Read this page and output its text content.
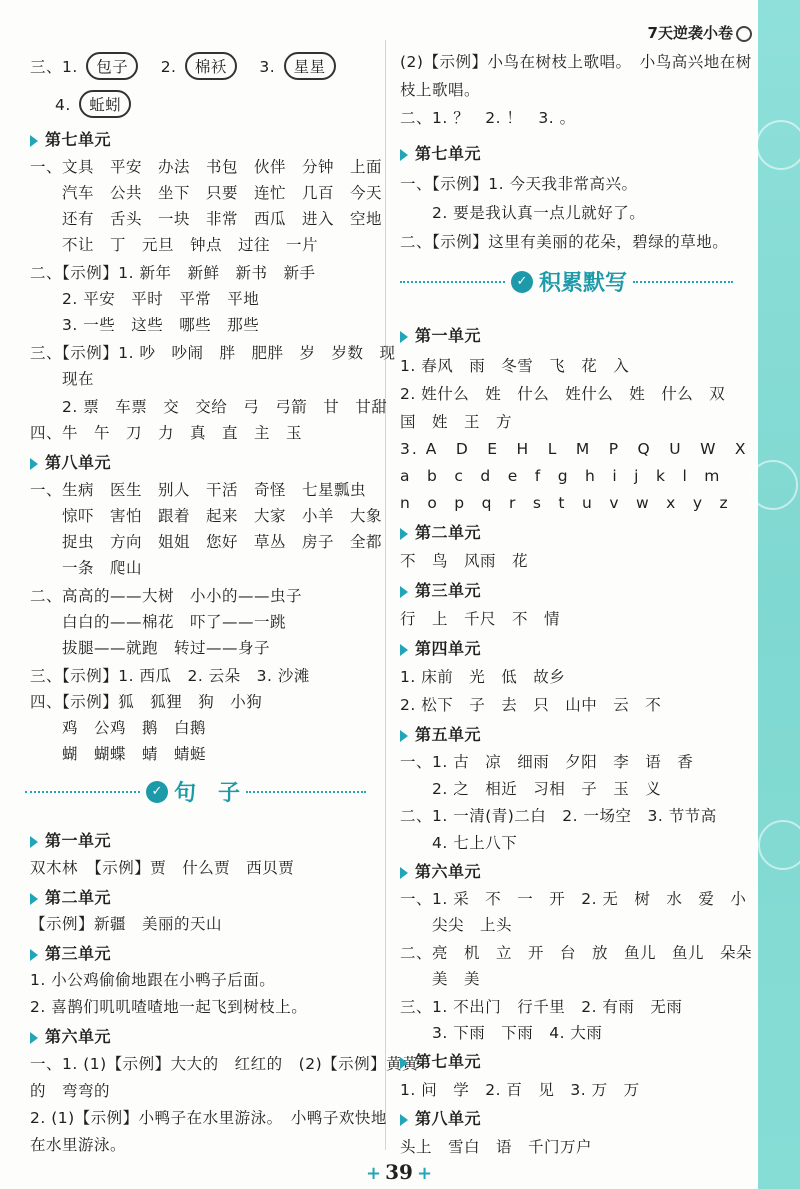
7天逆袭小卷
三、1. 包子 2. 棉袄 3. 星星
4. 蚯蚓
第七单元
一、文具　平安　办法　书包　伙伴　分钟　上面
　　汽车　公共　坐下　只要　连忙　几百　今天
　　还有　舌头　一块　非常　西瓜　进入　空地
　　不让　丁　元旦　钟点　过往　一片
二、【示例】1. 新年　新鲜　新书　新手
　　2. 平安　平时　平常　平地
　　3. 一些　这些　哪些　那些
三、【示例】1. 吵　吵闹　胖　肥胖　岁　岁数　现
　　现在
　　2. 票　车票　交　交给　弓　弓箭　甘　甘甜
四、牛　午　刀　力　真　直　主　玉
第八单元
一、生病　医生　别人　干活　奇怪　七星瓢虫
　　惊吓　害怕　跟着　起来　大家　小羊　大象
　　捉虫　方向　姐姐　您好　草丛　房子　全都
　　一条　爬山
二、高高的——大树　小小的——虫子
　　白白的——棉花　吓了——一跳
　　拔腿——就跑　转过——身子
三、【示例】1. 西瓜　2. 云朵　3. 沙滩
四、【示例】狐　狐狸　狗　小狗
　　鸡　公鸡　鹅　白鹅
　　蝴　蝴蝶　蜻　蜻蜓
✓ 句　子
第一单元
双木林　【示例】贾　什么贾　西贝贾
第二单元
【示例】新疆　美丽的天山
第三单元
1. 小公鸡偷偷地跟在小鸭子后面。
2. 喜鹊们叽叽喳喳地一起飞到树枝上。
第六单元
一、1. (1)【示例】大大的　红红的　(2)【示例】黄黄
的　弯弯的
2. (1)【示例】小鸭子在水里游泳。　小鸭子欢快地
在水里游泳。
(2)【示例】小鸟在树枝上歌唱。　小鸟高兴地在树
枝上歌唱。
二、1. ？　2. ！　3. 。
第七单元
一、【示例】1. 今天我非常高兴。
　　2. 要是我认真一点儿就好了。
二、【示例】这里有美丽的花朵，碧绿的草地。
✓ 积累默写
第一单元
1. 春风　雨　冬雪　飞　花　入
2. 姓什么　姓　什么　姓什么　姓　什么　双
国　姓　王　方
3. A　D　E　H　L　M　P　Q　U　W　X
a　b　c　d　e　f　g　h　i　j　k　l　m
n　o　p　q　r　s　t　u　v　w　x　y　z
第二单元
不　鸟　风雨　花
第三单元
行　上　千尺　不　情
第四单元
1. 床前　光　低　故乡
2. 松下　子　去　只　山中　云　不
第五单元
一、1. 古　凉　细雨　夕阳　李　语　香
　　2. 之　相近　习相　子　玉　义
二、1. 一清(青)二白　2. 一场空　3. 节节高
　　4. 七上八下
第六单元
一、1. 采　不　一　开　2. 无　树　水　爱　小
　　尖尖　上头
二、亮　机　立　开　台　放　鱼儿　鱼儿　朵朵
　　美　美
三、1. 不出门　行千里　2. 有雨　无雨
　　3. 下雨　下雨　4. 大雨
第七单元
1. 问　学　2. 百　见　3. 万　万
第八单元
头上　雪白　语　千门万户
+ 39 +
